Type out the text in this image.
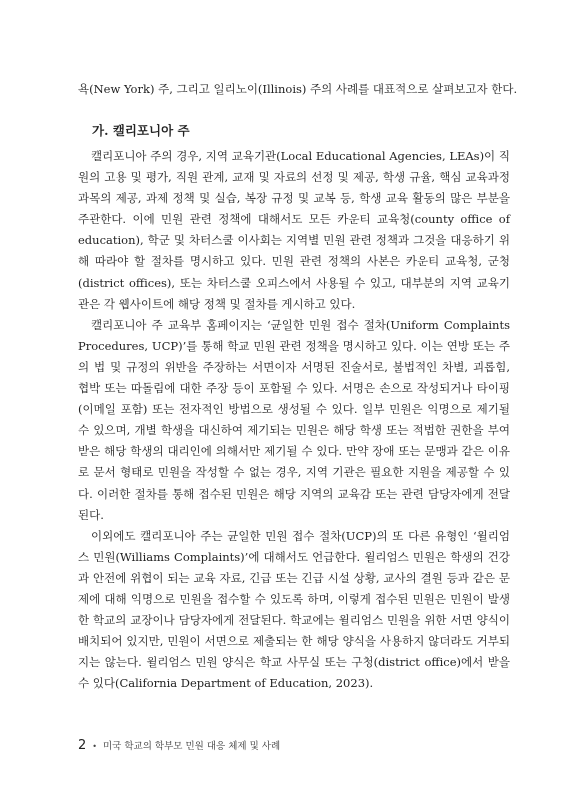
욕(New York) 주, 그리고 일리노이(Illinois) 주의 사례를 대표적으로 살펴보고자 한다.
가. 캘리포니아 주

캘리포니아 주의 경우, 지역 교육기관(Local Educational Agencies, LEAs)이 직원의 고용 및 평가, 직원 관계, 교재 및 자료의 선정 및 제공, 학생 규율, 핵심 교육과정 과목의 제공, 과제 정책 및 실습, 복장 규정 및 교복 등, 학생 교육 활동의 많은 부분을 주관한다. 이에 민원 관련 정책에 대해서도 모든 카운티 교육청(county office of education), 학군 및 차터스쿨 이사회는 지역별 민원 관련 정책과 그것을 대응하기 위해 따라야 할 절차를 명시하고 있다. 민원 관련 정책의 사본은 카운티 교육청, 군청(district offices), 또는 차터스쿨 오피스에서 사용될 수 있고, 대부분의 지역 교육기관은 각 웹사이트에 해당 정책 및 절차를 게시하고 있다.

캘리포니아 주 교육부 홈페이지는 ‘균일한 민원 접수 절차(Uniform Complaints Procedures, UCP)’를 통해 학교 민원 관련 정책을 명시하고 있다. 이는 연방 또는 주의 법 및 규정의 위반을 주장하는 서면이자 서명된 진술서로, 불법적인 차별, 괴롭힘, 협박 또는 따돌림에 대한 주장 등이 포함될 수 있다. 서명은 손으로 작성되거나 타이핑(이메일 포함) 또는 전자적인 방법으로 생성될 수 있다. 일부 민원은 익명으로 제기될 수 있으며, 개별 학생을 대신하여 제기되는 민원은 해당 학생 또는 적법한 권한을 부여받은 해당 학생의 대리인에 의해서만 제기될 수 있다. 만약 장애 또는 문맹과 같은 이유로 문서 형태로 민원을 작성할 수 없는 경우, 지역 기관은 필요한 지원을 제공할 수 있다. 이러한 절차를 통해 접수된 민원은 해당 지역의 교육감 또는 관련 담당자에게 전달된다.

이외에도 캘리포니아 주는 균일한 민원 접수 절차(UCP)의 또 다른 유형인 ‘윌리엄스 민원(Williams Complaints)’에 대해서도 언급한다. 윌리엄스 민원은 학생의 건강과 안전에 위협이 되는 교육 자료, 긴급 또는 긴급 시설 상황, 교사의 결원 등과 같은 문제에 대해 익명으로 민원을 접수할 수 있도록 하며, 이렇게 접수된 민원은 민원이 발생한 학교의 교장이나 담당자에게 전달된다. 학교에는 윌리엄스 민원을 위한 서면 양식이 배치되어 있지만, 민원이 서면으로 제출되는 한 해당 양식을 사용하지 않더라도 거부되지는 않는다. 윌리엄스 민원 양식은 학교 사무실 또는 구청(district office)에서 받을 수 있다(California Department of Education, 2023).

2 • 미국 학교의 학부모 민원 대응 체제 및 사례
